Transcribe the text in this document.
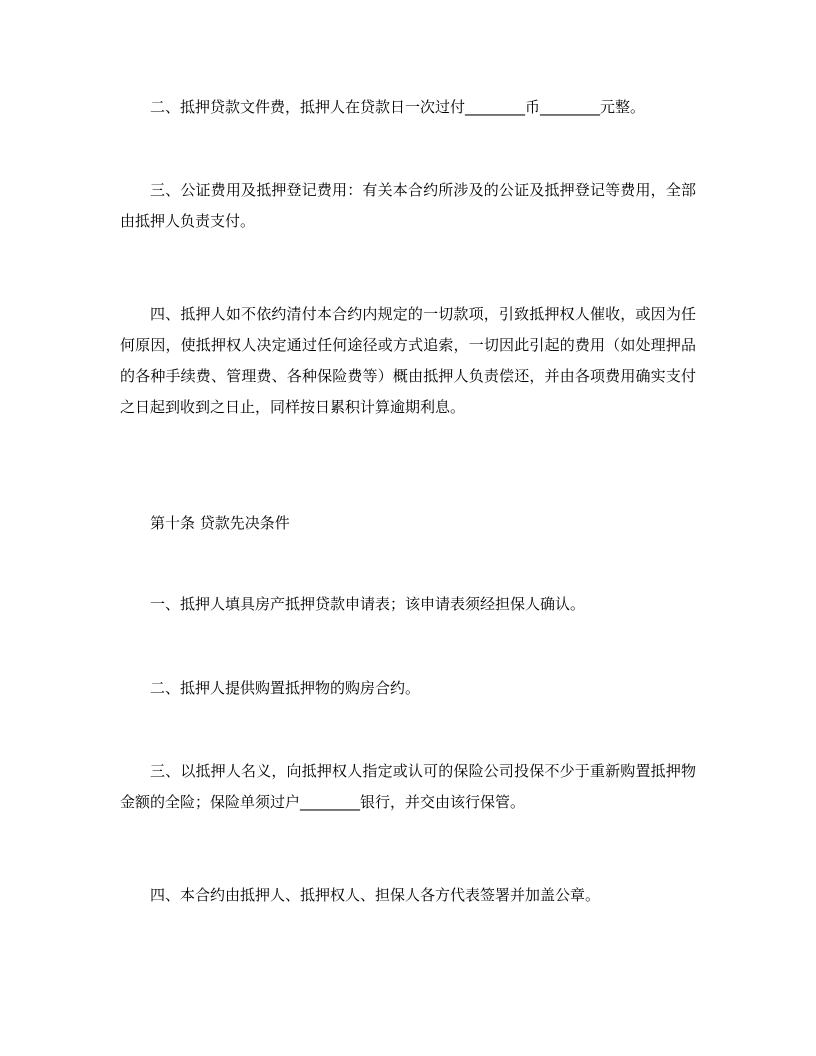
二、抵押贷款文件费，抵押人在贷款日一次过付________币________元整。

三、公证费用及抵押登记费用：有关本合约所涉及的公证及抵押登记等费用，全部由抵押人负责支付。

四、抵押人如不依约清付本合约内规定的一切款项，引致抵押权人催收，或因为任何原因，使抵押权人决定通过任何途径或方式追索，一切因此引起的费用（如处理押品的各种手续费、管理费、各种保险费等）概由抵押人负责偿还，并由各项费用确实支付之日起到收到之日止，同样按日累积计算逾期利息。

第十条 贷款先决条件

一、抵押人填具房产抵押贷款申请表；该申请表须经担保人确认。

二、抵押人提供购置抵押物的购房合约。

三、以抵押人名义，向抵押权人指定或认可的保险公司投保不少于重新购置抵押物金额的全险；保险单须过户________银行，并交由该行保管。

四、本合约由抵押人、抵押权人、担保人各方代表签署并加盖公章。
